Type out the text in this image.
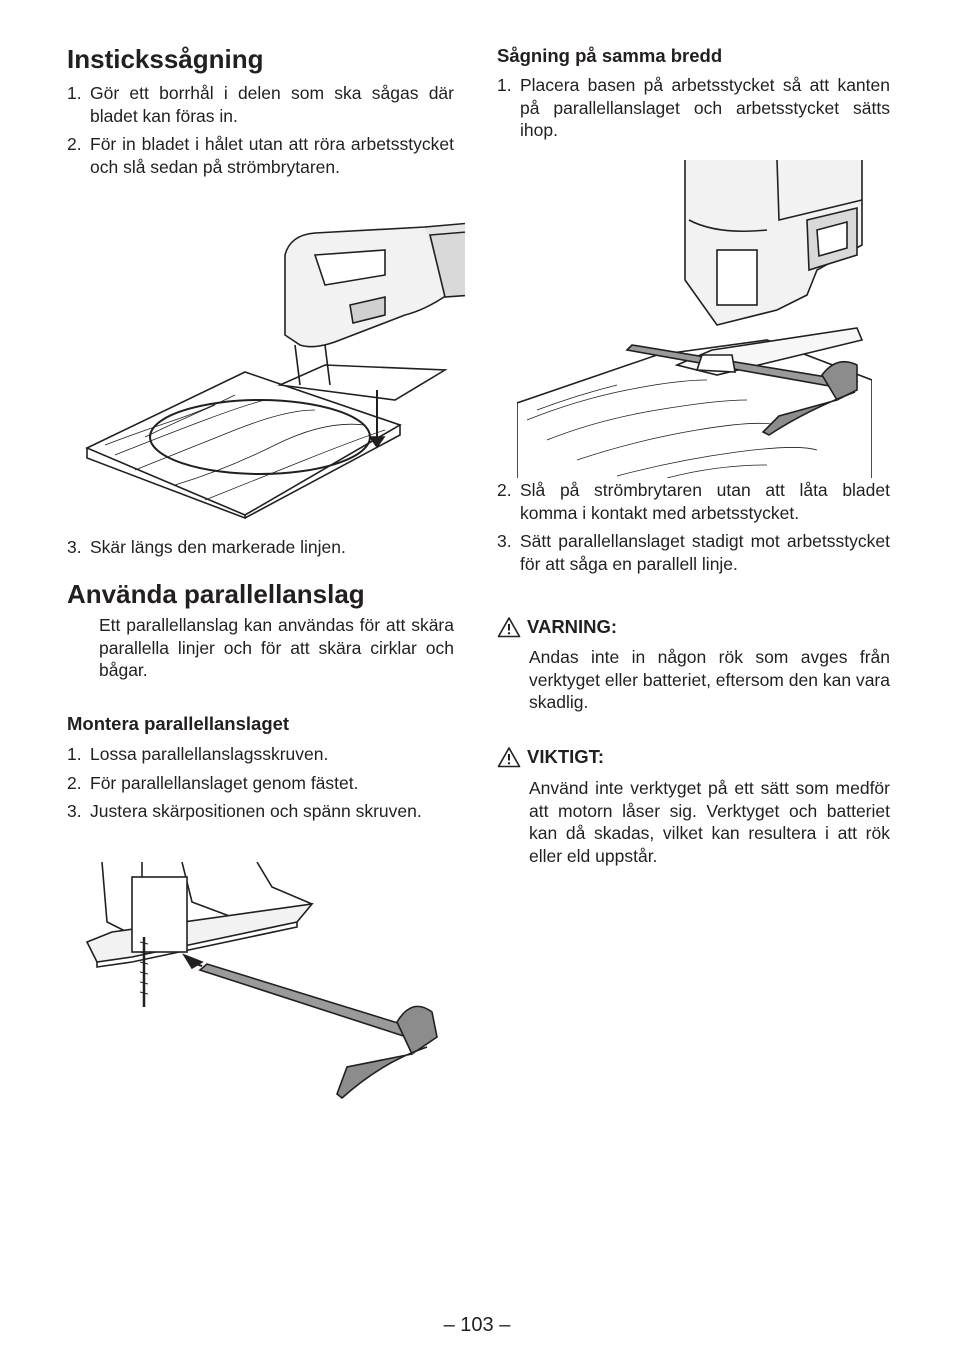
Instickssågning
1. Gör ett borrhål i delen som ska sågas där bladet kan föras in.
2. För in bladet i hålet utan att röra arbetsstycket och slå sedan på strömbrytaren.
3. Skär längs den markerade linjen.
Använda parallellanslag
Ett parallellanslag kan användas för att skära parallella linjer och för att skära cirklar och bågar.
Montera parallellanslaget
1. Lossa parallellanslagsskruven.
2. För parallellanslaget genom fästet.
3. Justera skärpositionen och spänn skruven.
Sågning på samma bredd
1. Placera basen på arbetsstycket så att kanten på parallellanslaget och arbetsstycket sätts ihop.
2. Slå på strömbrytaren utan att låta bladet komma i kontakt med arbetsstycket.
3. Sätt parallellanslaget stadigt mot arbetsstycket för att såga en parallell linje.
VARNING:
Andas inte in någon rök som avges från verktyget eller batteriet, eftersom den kan vara skadlig.
VIKTIGT:
Använd inte verktyget på ett sätt som medför att motorn låser sig. Verktyget och batteriet kan då skadas, vilket kan resultera i att rök eller eld uppstår.
– 103 –
